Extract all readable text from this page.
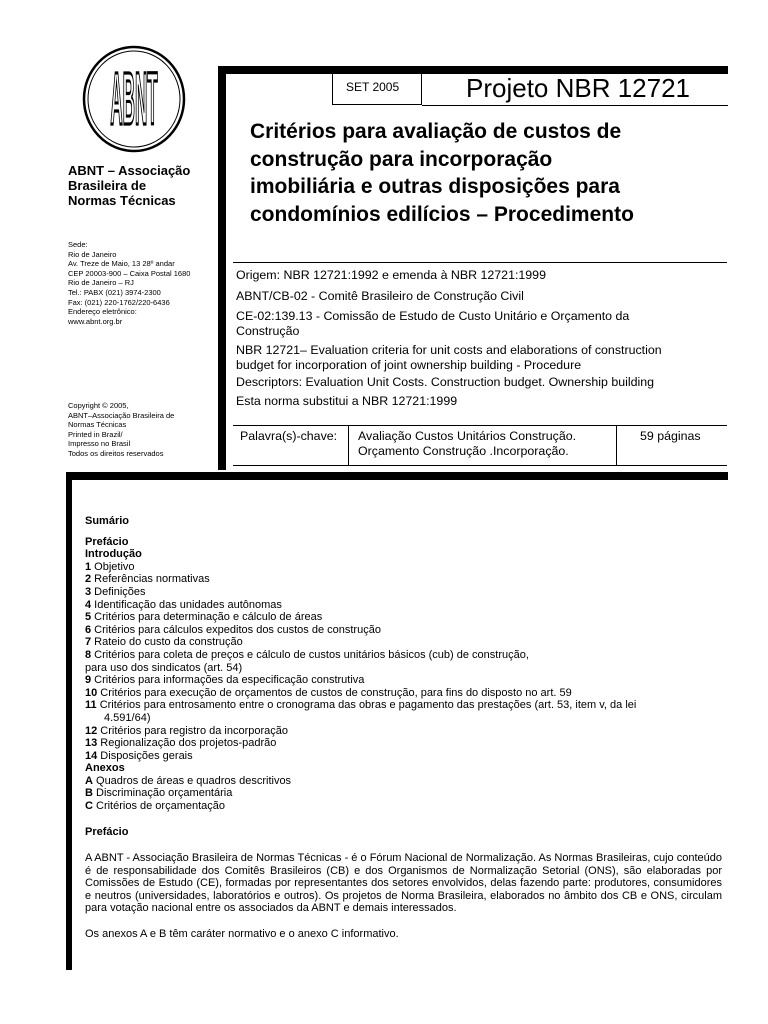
ABNT
ABNT – Associação
Brasileira de
Normas Técnicas
Sede:
Rio de Janeiro
Av. Treze de Maio, 13 28º andar
CEP 20003-900 – Caixa Postal 1680
Rio de Janeiro – RJ
Tel.: PABX (021) 3974-2300
Fax: (021) 220-1762/220-6436
Endereço eletrônico:
www.abnt.org.br
Copyright © 2005,
ABNT–Associação Brasileira de
Normas Técnicas
Printed in Brazil/
Impresso no Brasil
Todos os direitos reservados
SET 2005	Projeto NBR 12721
Critérios para avaliação de custos de
construção para incorporação
imobiliária e outras disposições para
condomínios edilícios – Procedimento
Origem: NBR 12721:1992 e emenda à NBR 12721:1999
ABNT/CB-02 - Comitê Brasileiro de Construção Civil
CE-02:139.13 - Comissão de Estudo de Custo Unitário e Orçamento da
Construção
NBR 12721– Evaluation criteria for unit costs and elaborations of construction
budget for incorporation of joint ownership building - Procedure
Descriptors: Evaluation Unit Costs. Construction budget. Ownership building
Esta norma substitui a NBR 12721:1999
Palavra(s)-chave: Avaliação Custos Unitários Construção.
Orçamento Construção .Incorporação.
59 páginas
Sumário
Prefácio
Introdução
1 Objetivo
2 Referências normativas
3 Definições
4 Identificação das unidades autônomas
5 Critérios para determinação e cálculo de áreas
6 Critérios para cálculos expeditos dos custos de construção
7 Rateio do custo da construção
8 Critérios para coleta de preços e cálculo de custos unitários básicos (cub) de construção,
para uso dos sindicatos (art. 54)
9 Critérios para informações da especificação construtiva
10 Critérios para execução de orçamentos de custos de construção, para fins do disposto no art. 59
11 Critérios para entrosamento entre o cronograma das obras e pagamento das prestações (art. 53, item v, da lei
4.591/64)
12 Critérios para registro da incorporação
13 Regionalização dos projetos-padrão
14 Disposições gerais
Anexos
A Quadros de áreas e quadros descritivos
B Discriminação orçamentária
C Critérios de orçamentação
Prefácio
A ABNT - Associação Brasileira de Normas Técnicas - é o Fórum Nacional de Normalização. As Normas Brasileiras, cujo conteúdo é de responsabilidade dos Comitês Brasileiros (CB) e dos Organismos de Normalização Setorial (ONS), são elaboradas por Comissões de Estudo (CE), formadas por representantes dos setores envolvidos, delas fazendo parte: produtores, consumidores e neutros (universidades, laboratórios e outros). Os projetos de Norma Brasileira, elaborados no âmbito dos CB e ONS, circulam para votação nacional entre os associados da ABNT e demais interessados.
Os anexos A e B têm caráter normativo e o anexo C informativo.
